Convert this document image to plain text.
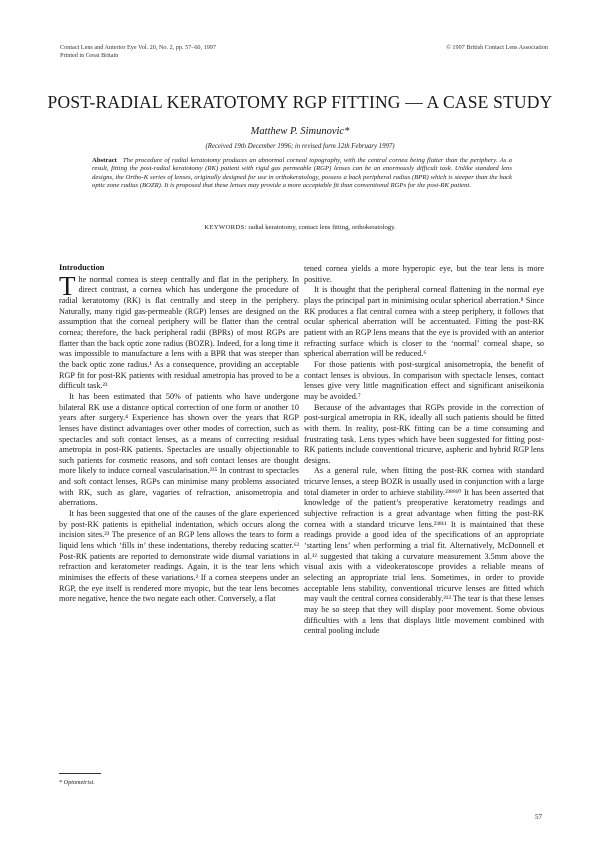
Contact Lens and Anterior Eye Vol. 20, No. 2, pp. 57–60, 1997
Printed in Great Britain
© 1997 British Contact Lens Association
POST-RADIAL KERATOTOMY RGP FITTING — A CASE STUDY
Matthew P. Simunovic*
(Received 19th December 1996; in revised form 12th February 1997)
Abstract The procedure of radial keratotomy produces an abnormal corneal topography, with the central cornea being flatter than the periphery. As a result, fitting the post-radial keratotomy (RK) patient with rigid gas permeable (RGP) lenses can be an enormously difficult task. Unlike standard lens designs, the Ortho-K series of lenses, originally designed for use in orthokeratology, possess a back peripheral radius (BPR) which is steeper than the back optic zone radius (BOZR). It is proposed that these lenses may provide a more acceptable fit than conventional RGPs for the post-RK patient.
KEYWORDS: radial keratotomy, contact lens fitting, orthokeratology.
Introduction

The normal cornea is steep centrally and flat in the periphery. In direct contrast, a cornea which has undergone the procedure of radial keratotomy (RK) is flat centrally and steep in the periphery. Naturally, many rigid gas-permeable (RGP) lenses are designed on the assumption that the corneal periphery will be flatter than the central cornea; therefore, the back peripheral radii (BPRs) of most RGPs are flatter than the back optic zone radius (BOZR). Indeed, for a long time it was impossible to manufacture a lens with a BPR that was steeper than the back optic zone radius.¹ As a consequence, providing an acceptable RGP fit for post-RK patients with residual ametropia has proved to be a difficult task.²³

It has been estimated that 50% of patients who have undergone bilateral RK use a distance optical correction of one form or another 10 years after surgery.⁴ Experience has shown over the years that RGP lenses have distinct advantages over other modes of correction, such as spectacles and soft contact lenses, as a means of correcting residual ametropia in post-RK patients. Spectacles are usually objectionable to such patients for cosmetic reasons, and soft contact lenses are thought more likely to induce corneal vascularisation.²³⁵ In contrast to spectacles and soft contact lenses, RGPs can minimise many problems associated with RK, such as glare, vagaries of refraction, anisometropia and aberrations.

It has been suggested that one of the causes of the glare experienced by post-RK patients is epithelial indentation, which occurs along the incision sites.²³ The presence of an RGP lens allows the tears to form a liquid lens which ‘fills in’ these indentations, thereby reducing scatter.⁶³ Post-RK patients are reported to demonstrate wide diurnal variations in refraction and keratometer readings. Again, it is the tear lens which minimises the effects of these variations.² If a cornea steepens under an RGP, the eye itself is rendered more myopic, but the tear lens becomes more negative, hence the two negate each other. Conversely, a flat

tened cornea yields a more hyperopic eye, but the tear lens is more positive.

It is thought that the peripheral corneal flattening in the normal eye plays the principal part in minimising ocular spherical aberration.⁸ Since RK produces a flat central cornea with a steep periphery, it follows that ocular spherical aberration will be accentuated. Fitting the post-RK patient with an RGP lens means that the eye is provided with an anterior refracting surface which is closer to the ‘normal’ corneal shape, so spherical aberration will be reduced.⁶

For those patients with post-surgical anisometropia, the benefit of contact lenses is obvious. In comparison with spectacle lenses, contact lenses give very little magnification effect and significant aniseikonia may be avoided.⁷

Because of the advantages that RGPs provide in the correction of post-surgical ametropia in RK, ideally all such patients should be fitted with them. In reality, post-RK fitting can be a time consuming and frustrating task. Lens types which have been suggested for fitting post-RK patients include conventional tricurve, aspheric and hybrid RGP lens designs.

As a general rule, when fitting the post-RK cornea with standard tricurve lenses, a steep BOZR is usually used in conjunction with a large total diameter in order to achieve stability.²³⁸⁹¹⁰ It has been asserted that knowledge of the patient’s preoperative keratometry readings and subjective refraction is a great advantage when fitting the post-RK cornea with a standard tricurve lens.²³⁸¹¹ It is maintained that these readings provide a good idea of the specifications of an appropriate ‘starting lens’ when performing a trial fit. Alternatively, McDonnell et al.¹² suggested that taking a curvature measurement 3.5mm above the visual axis with a videokeratoscope provides a reliable means of selecting an appropriate trial lens. Sometimes, in order to provide acceptable lens stability, conventional tricurve lenses are fitted which may vault the central cornea considerably.²¹³ The tear is that these lenses may be so steep that they will display poor movement. Some obvious difficulties with a lens that displays little movement combined with central pooling include

* Optometrist.
57
